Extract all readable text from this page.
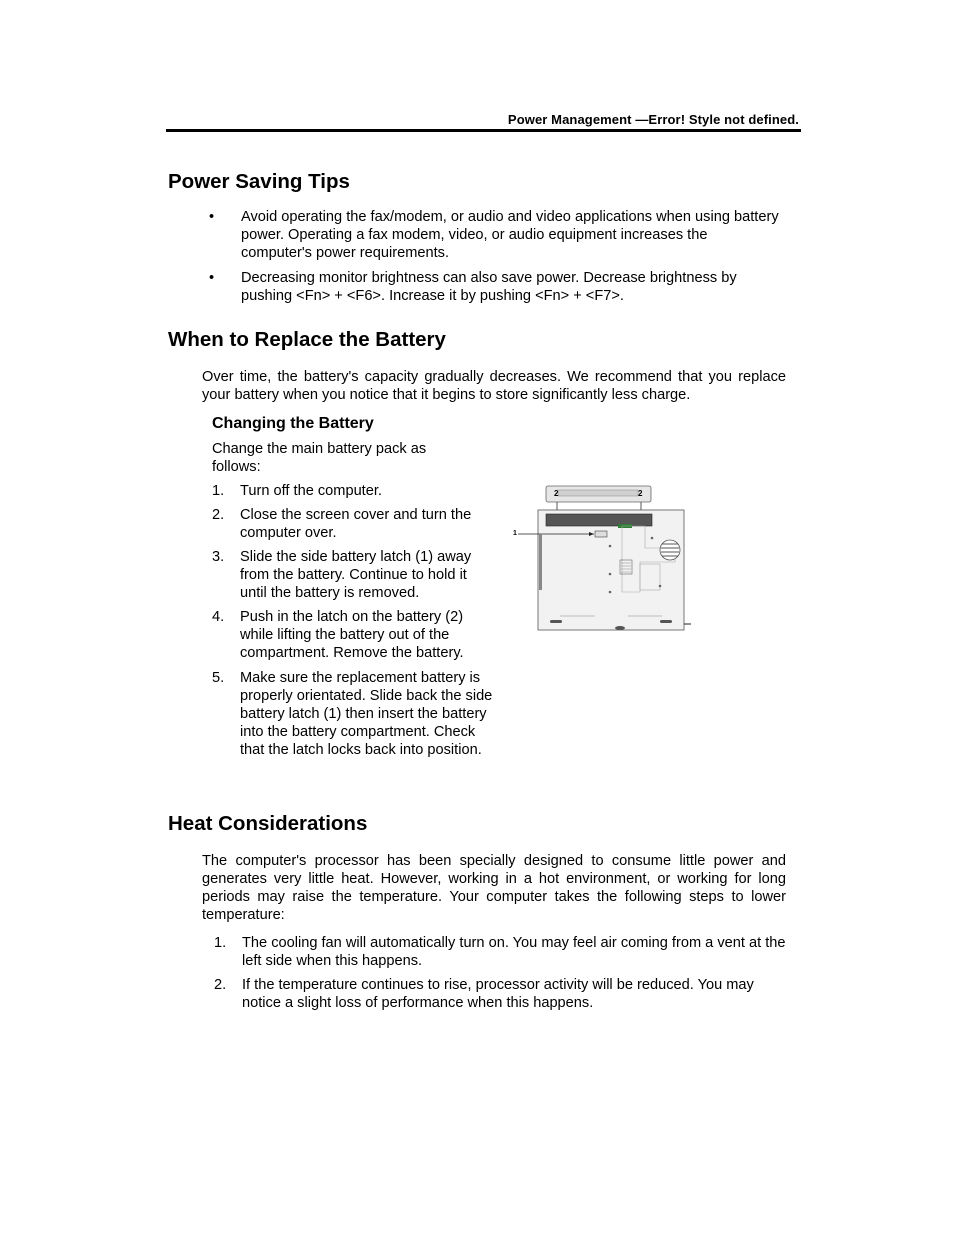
Power Management —Error! Style not defined.
Power Saving Tips
• Avoid operating the fax/modem, or audio and video applications when using battery power. Operating a fax modem, video, or audio equipment increases the computer's power requirements.
• Decreasing monitor brightness can also save power. Decrease brightness by pushing <Fn> + <F6>. Increase it by pushing <Fn> + <F7>.
When to Replace the Battery

Over time, the battery's capacity gradually decreases. We recommend that you replace your battery when you notice that it begins to store significantly less charge.

Changing the Battery

Change the main battery pack as follows:

1. Turn off the computer.
2. Close the screen cover and turn the computer over.
3. Slide the side battery latch (1) away from the battery. Continue to hold it until the battery is removed.
4. Push in the latch on the battery (2) while lifting the battery out of the compartment. Remove the battery.
5. Make sure the replacement battery is properly orientated. Slide back the side battery latch (1) then insert the battery into the battery compartment. Check that the latch locks back into position.
2	2
1
Heat Considerations

The computer's processor has been specially designed to consume little power and generates very little heat. However, working in a hot environment, or working for long periods may raise the temperature. Your computer takes the following steps to lower temperature:

1. The cooling fan will automatically turn on. You may feel air coming from a vent at the left side when this happens.
2. If the temperature continues to rise, processor activity will be reduced. You may notice a slight loss of performance when this happens.
